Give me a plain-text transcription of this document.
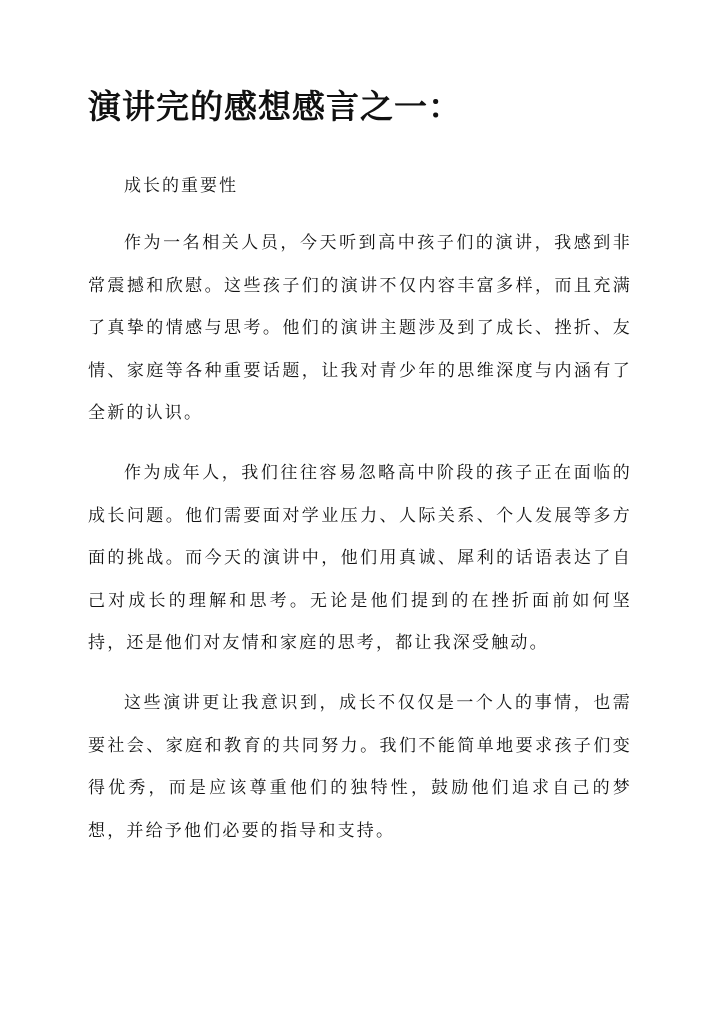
演讲完的感想感言之一：

成长的重要性

作为一名相关人员，今天听到高中孩子们的演讲，我感到非常震撼和欣慰。这些孩子们的演讲不仅内容丰富多样，而且充满了真挚的情感与思考。他们的演讲主题涉及到了成长、挫折、友情、家庭等各种重要话题，让我对青少年的思维深度与内涵有了全新的认识。

作为成年人，我们往往容易忽略高中阶段的孩子正在面临的成长问题。他们需要面对学业压力、人际关系、个人发展等多方面的挑战。而今天的演讲中，他们用真诚、犀利的话语表达了自己对成长的理解和思考。无论是他们提到的在挫折面前如何坚持，还是他们对友情和家庭的思考，都让我深受触动。

这些演讲更让我意识到，成长不仅仅是一个人的事情，也需要社会、家庭和教育的共同努力。我们不能简单地要求孩子们变得优秀，而是应该尊重他们的独特性，鼓励他们追求自己的梦想，并给予他们必要的指导和支持。
